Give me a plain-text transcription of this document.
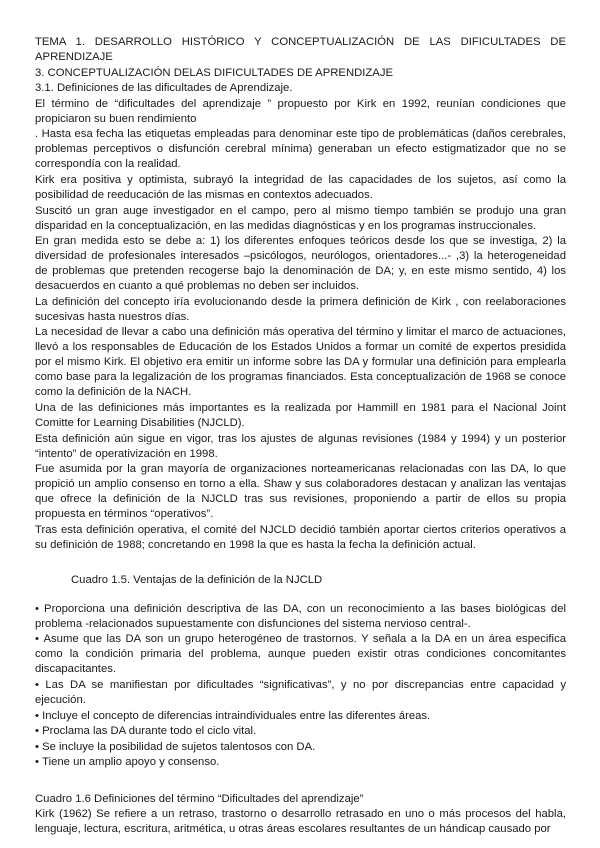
TEMA 1. DESARROLLO HISTÓRICO Y CONCEPTUALIZACIÓN DE LAS DIFICULTADES DE APRENDIZAJE

3. CONCEPTUALIZACIÓN DELAS DIFICULTADES DE APRENDIZAJE

3.1. Definiciones de las dificultades de Aprendizaje.

El término de “dificultades del aprendizaje ” propuesto por Kirk en 1992, reunían condiciones que propiciaron su buen rendimiento

. Hasta esa fecha las etiquetas empleadas para denominar este tipo de problemáticas (daños cerebrales, problemas perceptivos o disfunción cerebral mínima) generaban un efecto estigmatizador que no se correspondía con la realidad.

Kirk era positiva y optimista, subrayó la integridad de las capacidades de los sujetos, así como la posibilidad de reeducación de las mismas en contextos adecuados.

Suscitó un gran auge investigador en el campo, pero al mismo tiempo también se produjo una gran disparidad en la conceptualización, en las medidas diagnósticas y en los programas instruccionales.

En gran medida esto se debe a: 1) los diferentes enfoques teóricos desde los que se investiga, 2) la diversidad de profesionales interesados –psicólogos, neurólogos, orientadores...- ,3) la heterogeneidad de problemas que pretenden recogerse bajo la denominación de DA; y, en este mismo sentido, 4) los desacuerdos en cuanto a qué problemas no deben ser incluidos.

La definición del concepto iría evolucionando desde la primera definición de Kirk , con reelaboraciones sucesivas hasta nuestros días.

La necesidad de llevar a cabo una definición más operativa del término y limitar el marco de actuaciones, llevó a los responsables de Educación de los Estados Unidos a formar un comité de expertos presidida por el mismo Kirk. El objetivo era emitir un informe sobre las DA y formular una definición para emplearla como base para la legalización de los programas financiados. Esta conceptualización de 1968 se conoce como la definición de la NACH.

Una de las definiciones más importantes es la realizada por Hammill en 1981 para el Nacional Joint Comitte for Learning Disabilities (NJCLD).

Esta definición aún sigue en vigor, tras los ajustes de algunas revisiones (1984 y 1994) y un posterior “intento” de operativización en 1998.

Fue asumida por la gran mayoría de organizaciones norteamericanas relacionadas con las DA, lo que propició un amplio consenso en torno a ella. Shaw y sus colaboradores destacan y analizan las ventajas que ofrece la definición de la NJCLD tras sus revisiones, proponiendo a partir de ellos su propia propuesta en términos “operativos”.

Tras esta definición operativa, el comité del NJCLD decidió también aportar ciertos criterios operativos a su definición de 1988; concretando en 1998 la que es hasta la fecha la definición actual.

Cuadro 1.5. Ventajas de la definición de la NJCLD

• Proporciona una definición descriptiva de las DA, con un reconocimiento a las bases biológicas del problema -relacionados supuestamente con disfunciones del sistema nervioso central-.

• Asume que las DA son un grupo heterogéneo de trastornos. Y señala a la DA en un área especifica como la condición primaria del problema, aunque pueden existir otras condiciones concomitantes discapacitantes.

• Las DA se manifiestan por dificultades “significativas”, y no por discrepancias entre capacidad y ejecución.

• Incluye el concepto de diferencias intraindividuales entre las diferentes áreas.

• Proclama las DA durante todo el ciclo vital.

• Se incluye la posibilidad de sujetos talentosos con DA.

• Tiene un amplio apoyo y consenso.

Cuadro 1.6 Definiciones del término “Dificultades del aprendizaje”

Kirk (1962) Se refiere a un retraso, trastorno o desarrollo retrasado en uno o más procesos del habla, lenguaje, lectura, escritura, aritmética, u otras áreas escolares resultantes de un hándicap causado por
